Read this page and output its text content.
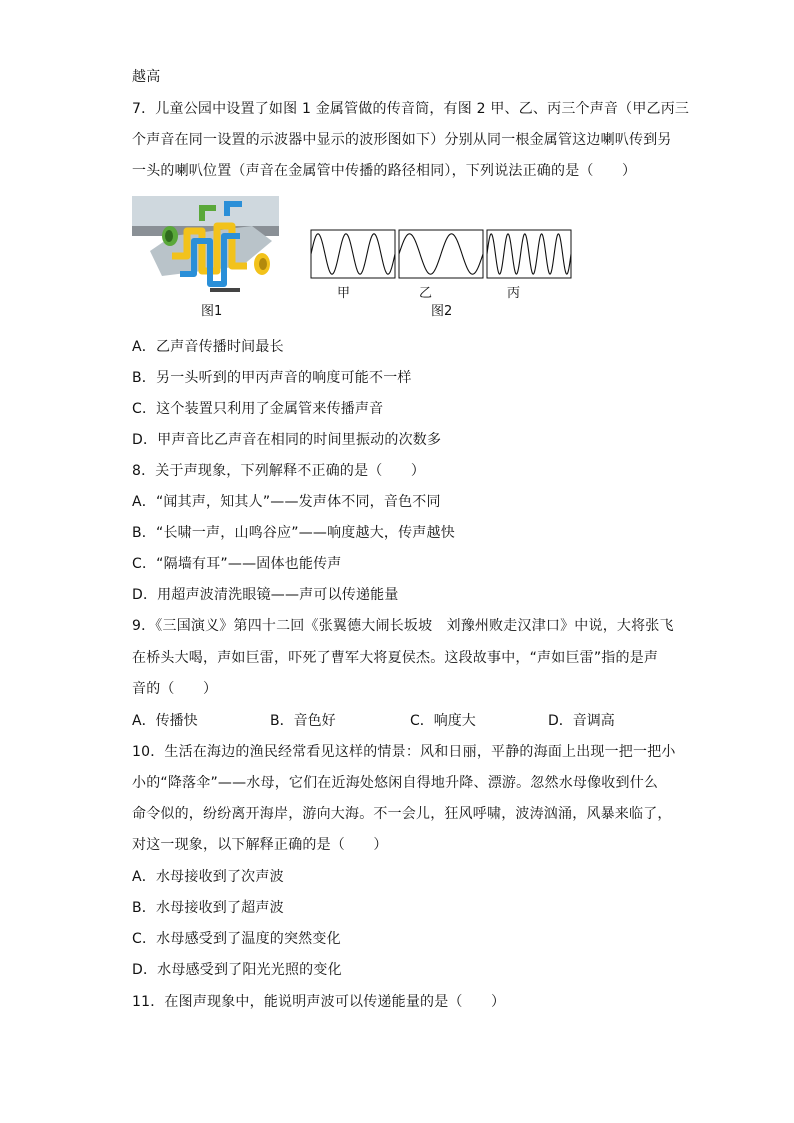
越高
7．儿童公园中设置了如图 1 金属管做的传音筒，有图 2 甲、乙、丙三个声音（甲乙丙三
个声音在同一设置的示波器中显示的波形图如下）分别从同一根金属管这边喇叭传到另
一头的喇叭位置（声音在金属管中传播的路径相同），下列说法正确的是（　　）
图1
甲	乙	丙
图2
A．乙声音传播时间最长
B．另一头听到的甲丙声音的响度可能不一样
C．这个装置只利用了金属管来传播声音
D．甲声音比乙声音在相同的时间里振动的次数多
8．关于声现象，下列解释不正确的是（　　）
A．“闻其声，知其人”——发声体不同，音色不同
B．“长啸一声，山鸣谷应”——响度越大，传声越快
C．“隔墙有耳”——固体也能传声
D．用超声波清洗眼镜——声可以传递能量
9．《三国演义》第四十二回《张翼德大闹长坂坡　刘豫州败走汉津口》中说，大将张飞
在桥头大喝，声如巨雷，吓死了曹军大将夏侯杰。这段故事中，“声如巨雷”指的是声
音的（　　）
A．传播快	B．音色好	C．响度大	D．音调高
10．生活在海边的渔民经常看见这样的情景：风和日丽，平静的海面上出现一把一把小
小的“降落伞”——水母，它们在近海处悠闲自得地升降、漂游。忽然水母像收到什么
命令似的，纷纷离开海岸，游向大海。不一会儿，狂风呼啸，波涛汹涌，风暴来临了，
对这一现象，以下解释正确的是（　　）
A．水母接收到了次声波
B．水母接收到了超声波
C．水母感受到了温度的突然变化
D．水母感受到了阳光光照的变化
11．在图声现象中，能说明声波可以传递能量的是（　　）
